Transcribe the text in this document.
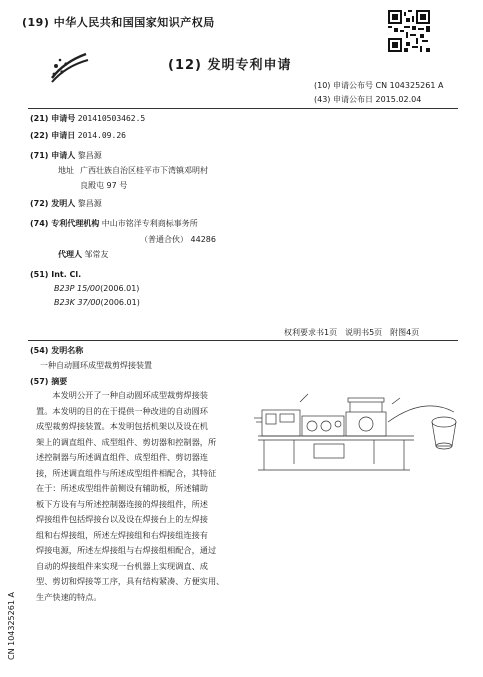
(19) 中华人民共和国国家知识产权局
(12) 发明专利申请
(10) 申请公布号 CN 104325261 A
(43) 申请公布日 2015.02.04
(21) 申请号 201410503462.5
(22) 申请日 2014.09.26
(71) 申请人 黎昌源
地址 广西壮族自治区桂平市下湾镇邓明村
良殿屯 97 号
(72) 发明人 黎昌源
(74) 专利代理机构 中山市铭洋专利商标事务所
（普通合伙） 44286
代理人 邹常友
(51) Int. Cl.
B23P 15/00(2006.01)
B23K 37/00(2006.01)
权利要求书1页　说明书5页　附图4页
(54) 发明名称
一种自动圆环成型裁剪焊接装置
(57) 摘要

　　本发明公开了一种自动圆环成型裁剪焊接装

置。本发明的目的在于提供一种改进的自动圆环

成型裁剪焊接装置。本发明包括机架以及设在机

架上的调直组件、成型组件、剪切器和控制器，所

述控制器与所述调直组件、成型组件、剪切器连

接，所述调直组件与所述成型组件相配合，其特征

在于：所述成型组件前侧设有辅助板，所述辅助

板下方设有与所述控制器连接的焊接组件，所述

焊接组件包括焊接台以及设在焊接台上的左焊接

组和右焊接组，所述左焊接组和右焊接组连接有

焊接电源，所述左焊接组与右焊接组相配合，通过

自动的焊接组件来实现一台机器上实现调直、成

型、剪切和焊接等工序，具有结构紧凑、方便实用、

生产快速的特点。

CN 104325261 A
